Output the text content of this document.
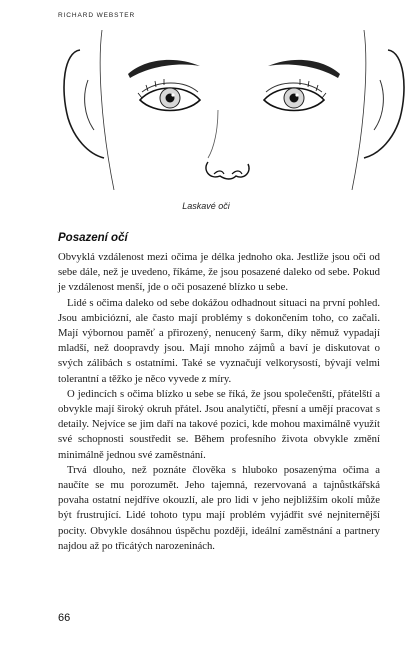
RICHARD WEBSTER
Laskavé oči
Posazení očí

Obvyklá vzdálenost mezi očima je délka jednoho oka. Jestliže jsou oči od sebe dále, než je uvedeno, říkáme, že jsou posazené daleko od sebe. Pokud je vzdálenost menší, jde o oči posazené blízko u sebe.

Lidé s očima daleko od sebe dokážou odhadnout situaci na první pohled. Jsou ambiciózní, ale často mají problémy s dokončením toho, co začali. Mají výbornou paměť a přirozený, nenucený šarm, díky němuž vypadají mladší, než doopravdy jsou. Mají mnoho zájmů a baví je diskutovat o svých zálibách s ostatními. Také se vyznačují velkorysostí, bývají velmi tolerantní a těžko je něco vyvede z míry.

O jedincích s očima blízko u sebe se říká, že jsou společenští, přátelští a obvykle mají široký okruh přátel. Jsou analytičtí, přesní a umějí pracovat s detaily. Nejvíce se jim daří na takové pozici, kde mohou maximálně využít své schopnosti soustředit se. Během profesního života obvykle změní minimálně jednou své zaměstnání.

Trvá dlouho, než poznáte člověka s hluboko posazenýma očima a naučíte se mu porozumět. Jeho tajemná, rezervovaná a tajnůstkářská povaha ostatní nejdříve okouzlí, ale pro lidi v jeho nejbližším okolí může být frustrující. Lidé tohoto typu mají problém vyjádřit své nejniternější pocity. Obvykle dosáhnou úspěchu později, ideální zaměstnání a partnery najdou až po třicátých narozeninách.

66
